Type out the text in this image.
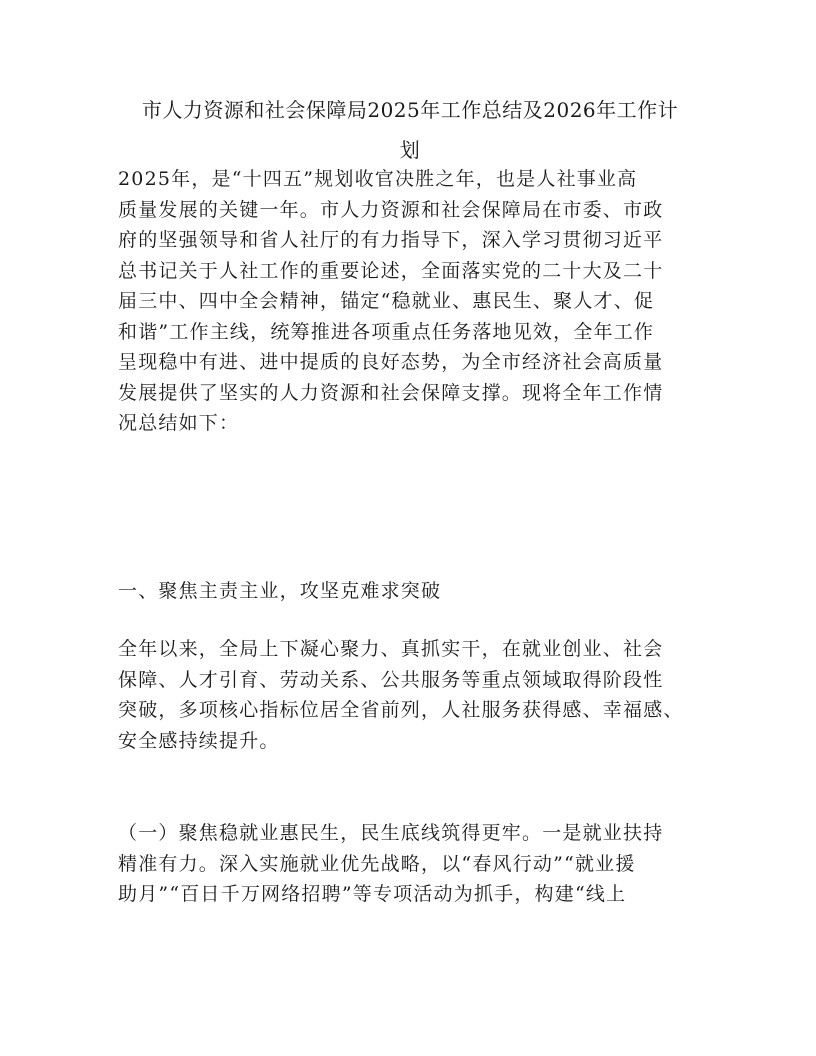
市人力资源和社会保障局2025年工作总结及2026年工作计
划

2025年，是“十四五”规划收官决胜之年，也是人社事业高
质量发展的关键一年。市人力资源和社会保障局在市委、市政
府的坚强领导和省人社厅的有力指导下，深入学习贯彻习近平
总书记关于人社工作的重要论述，全面落实党的二十大及二十
届三中、四中全会精神，锚定“稳就业、惠民生、聚人才、促
和谐”工作主线，统筹推进各项重点任务落地见效，全年工作
呈现稳中有进、进中提质的良好态势，为全市经济社会高质量
发展提供了坚实的人力资源和社会保障支撑。现将全年工作情
况总结如下：

一、聚焦主责主业，攻坚克难求突破

全年以来，全局上下凝心聚力、真抓实干，在就业创业、社会
保障、人才引育、劳动关系、公共服务等重点领域取得阶段性
突破，多项核心指标位居全省前列，人社服务获得感、幸福感、
安全感持续提升。

（一）聚焦稳就业惠民生，民生底线筑得更牢。一是就业扶持
精准有力。深入实施就业优先战略，以“春风行动”“就业援
助月”“百日千万网络招聘”等专项活动为抓手，构建“线上
